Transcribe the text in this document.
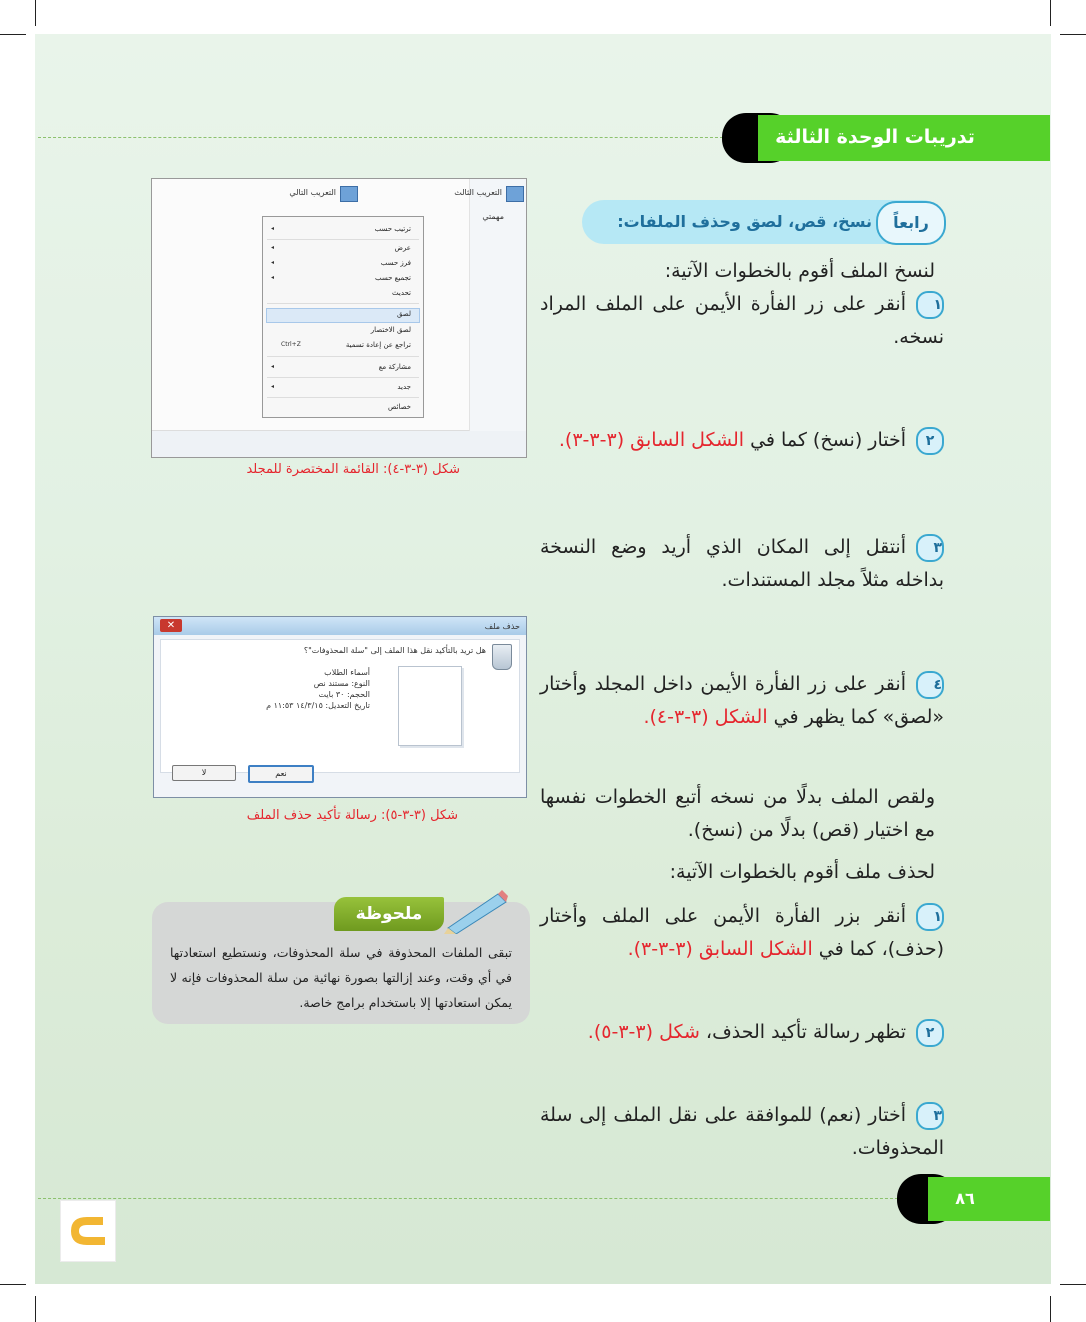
تدريبات الوحدة الثالثة
نسخ، قص، لصق وحذف الملفات:	رابعاً
لنسخ الملف أقوم بالخطوات الآتية:
١أنقر على زر الفأرة الأيمن على الملف المراد نسخه.
٢أختار (نسخ) كما في الشكل السابق (٣-٣-٣).
٣أنتقل إلى المكان الذي أريد وضع النسخة بداخله مثلاً مجلد المستندات.
٤أنقر على زر الفأرة الأيمن داخل المجلد وأختار «لصق» كما يظهر في الشكل (٣-٣-٤).
ولقص الملف بدلًا من نسخه أتبع الخطوات نفسها مع اختيار (قص) بدلًا من (نسخ).
لحذف ملف أقوم بالخطوات الآتية:
١أنقر بزر الفأرة الأيمن على الملف وأختار (حذف)، كما في الشكل السابق (٣-٣-٣).
٢تظهر رسالة تأكيد الحذف، شكل (٣-٣-٥).
٣أختار (نعم) للموافقة على نقل الملف إلى سلة المحذوفات.
التعريب التالي	التعريب الثالث
مهمتي
ترتيب حسب
◂
عرض
◂
فرز حسب
◂
تجميع حسب
◂
تحديث
لصق
لصق الاختصار
تراجع عن إعادة تسمية
Ctrl+Z
مشاركة مع
◂
جديد
◂
خصائص
شكل (٣-٣-٤): القائمة المختصرة للمجلد
✕	حذف ملف
هل تريد بالتأكيد نقل هذا الملف إلى "سلة المحذوفات"؟
أسماء الطلاب
النوع: مستند نص
الحجم: ٣٠ بايت
تاريخ التعديل: ١٤/٣/١٥ ١١:٥٣ م
نعم
لا
شكل (٣-٣-٥): رسالة تأكيد حذف الملف
ملحوظة
تبقى الملفات المحذوفة في سلة المحذوفات، ونستطيع استعادتها في أي وقت، وعند إزالتها بصورة نهائية من سلة المحذوفات فإنه لا يمكن استعادتها إلا باستخدام برامج خاصة.
٨٦
